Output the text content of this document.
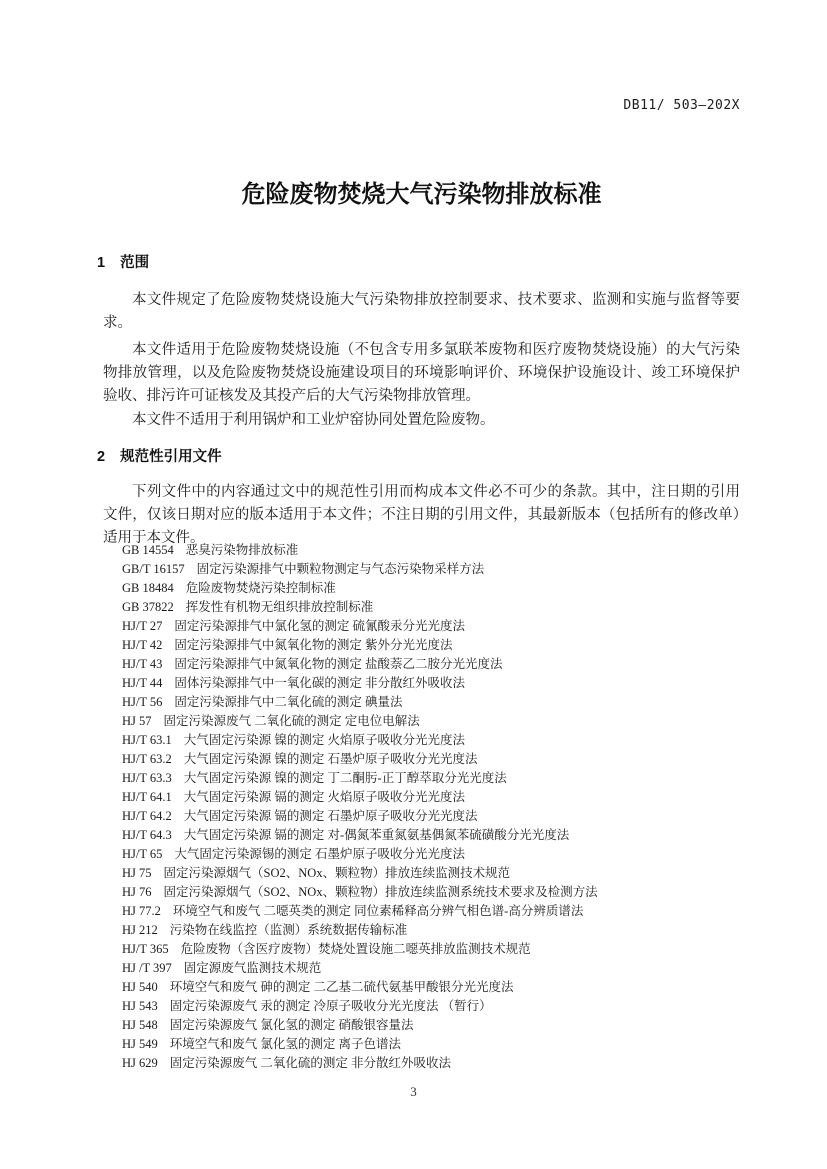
DB11/ 503—202X
危险废物焚烧大气污染物排放标准
1 范围

本文件规定了危险废物焚烧设施大气污染物排放控制要求、技术要求、监测和实施与监督等要求。

本文件适用于危险废物焚烧设施（不包含专用多氯联苯废物和医疗废物焚烧设施）的大气污染物排放管理，以及危险废物焚烧设施建设项目的环境影响评价、环境保护设施设计、竣工环境保护验收、排污许可证核发及其投产后的大气污染物排放管理。

本文件不适用于利用锅炉和工业炉窑协同处置危险废物。

2 规范性引用文件

下列文件中的内容通过文中的规范性引用而构成本文件必不可少的条款。其中，注日期的引用文件，仅该日期对应的版本适用于本文件；不注日期的引用文件，其最新版本（包括所有的修改单）适用于本文件。

GB 14554 恶臭污染物排放标准
GB/T 16157 固定污染源排气中颗粒物测定与气态污染物采样方法
GB 18484 危险废物焚烧污染控制标准
GB 37822 挥发性有机物无组织排放控制标准
HJ/T 27 固定污染源排气中氯化氢的测定 硫氰酸汞分光光度法
HJ/T 42 固定污染源排气中氮氧化物的测定 紫外分光光度法
HJ/T 43 固定污染源排气中氮氧化物的测定 盐酸萘乙二胺分光光度法
HJ/T 44 固体污染源排气中一氧化碳的测定 非分散红外吸收法
HJ/T 56 固定污染源排气中二氧化硫的测定 碘量法
HJ 57 固定污染源废气 二氧化硫的测定 定电位电解法
HJ/T 63.1 大气固定污染源 镍的测定 火焰原子吸收分光光度法
HJ/T 63.2 大气固定污染源 镍的测定 石墨炉原子吸收分光光度法
HJ/T 63.3 大气固定污染源 镍的测定 丁二酮肟-正丁醇萃取分光光度法
HJ/T 64.1 大气固定污染源 镉的测定 火焰原子吸收分光光度法
HJ/T 64.2 大气固定污染源 镉的测定 石墨炉原子吸收分光光度法
HJ/T 64.3 大气固定污染源 镉的测定 对-偶氮苯重氮氨基偶氮苯硫磺酸分光光度法
HJ/T 65 大气固定污染源锡的测定 石墨炉原子吸收分光光度法
HJ 75 固定污染源烟气（SO2、NOx、颗粒物）排放连续监测技术规范
HJ 76 固定污染源烟气（SO2、NOx、颗粒物）排放连续监测系统技术要求及检测方法
HJ 77.2 环境空气和废气 二噁英类的测定 同位素稀释高分辨气相色谱-高分辨质谱法
HJ 212 污染物在线监控（监测）系统数据传输标准
HJ/T 365 危险废物（含医疗废物）焚烧处置设施二噁英排放监测技术规范
HJ /T 397 固定源废气监测技术规范
HJ 540 环境空气和废气 砷的测定 二乙基二硫代氨基甲酸银分光光度法
HJ 543 固定污染源废气 汞的测定 冷原子吸收分光光度法 （暂行）
HJ 548 固定污染源废气 氯化氢的测定 硝酸银容量法
HJ 549 环境空气和废气 氯化氢的测定 离子色谱法
HJ 629 固定污染源废气 二氧化硫的测定 非分散红外吸收法
3
